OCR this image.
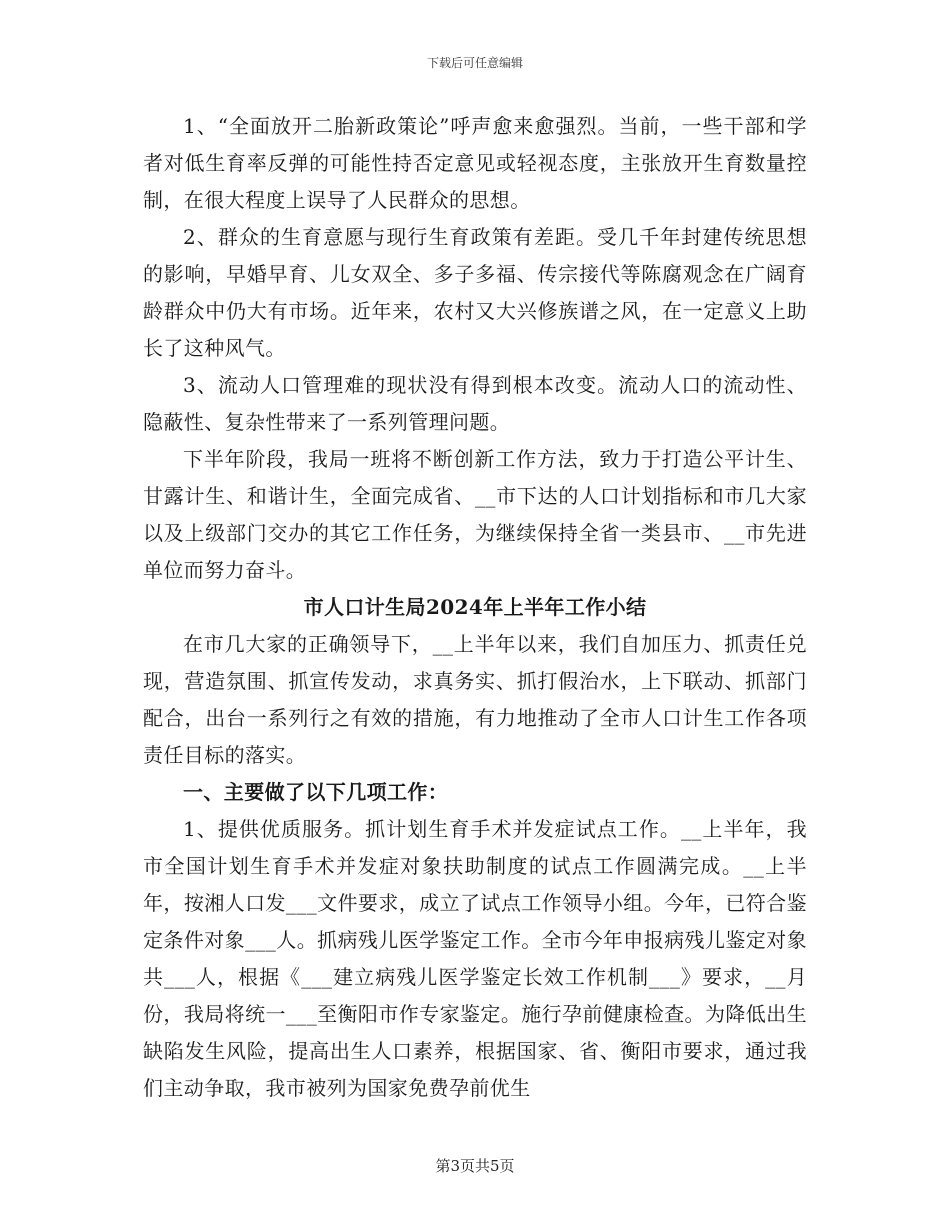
下载后可任意编辑

1、“全面放开二胎新政策论”呼声愈来愈强烈。当前，一些干部和学者对低生育率反弹的可能性持否定意见或轻视态度，主张放开生育数量控制，在很大程度上误导了人民群众的思想。

2、群众的生育意愿与现行生育政策有差距。受几千年封建传统思想的影响，早婚早育、儿女双全、多子多福、传宗接代等陈腐观念在广阔育龄群众中仍大有市场。近年来，农村又大兴修族谱之风，在一定意义上助长了这种风气。

3、流动人口管理难的现状没有得到根本改变。流动人口的流动性、隐蔽性、复杂性带来了一系列管理问题。

下半年阶段，我局一班将不断创新工作方法，致力于打造公平计生、甘露计生、和谐计生，全面完成省、__市下达的人口计划指标和市几大家以及上级部门交办的其它工作任务，为继续保持全省一类县市、__市先进单位而努力奋斗。

市人口计生局2024年上半年工作小结

在市几大家的正确领导下，__上半年以来，我们自加压力、抓责任兑现，营造氛围、抓宣传发动，求真务实、抓打假治水，上下联动、抓部门配合，出台一系列行之有效的措施，有力地推动了全市人口计生工作各项责任目标的落实。

一、主要做了以下几项工作：

1、提供优质服务。抓计划生育手术并发症试点工作。__上半年，我市全国计划生育手术并发症对象扶助制度的试点工作圆满完成。__上半年，按湘人口发___文件要求，成立了试点工作领导小组。今年，已符合鉴定条件对象___人。抓病残儿医学鉴定工作。全市今年申报病残儿鉴定对象共___人，根据《___建立病残儿医学鉴定长效工作机制___》要求，__月份，我局将统一___至衡阳市作专家鉴定。施行孕前健康检查。为降低出生缺陷发生风险，提高出生人口素养，根据国家、省、衡阳市要求，通过我们主动争取，我市被列为国家免费孕前优生

第3页共5页
